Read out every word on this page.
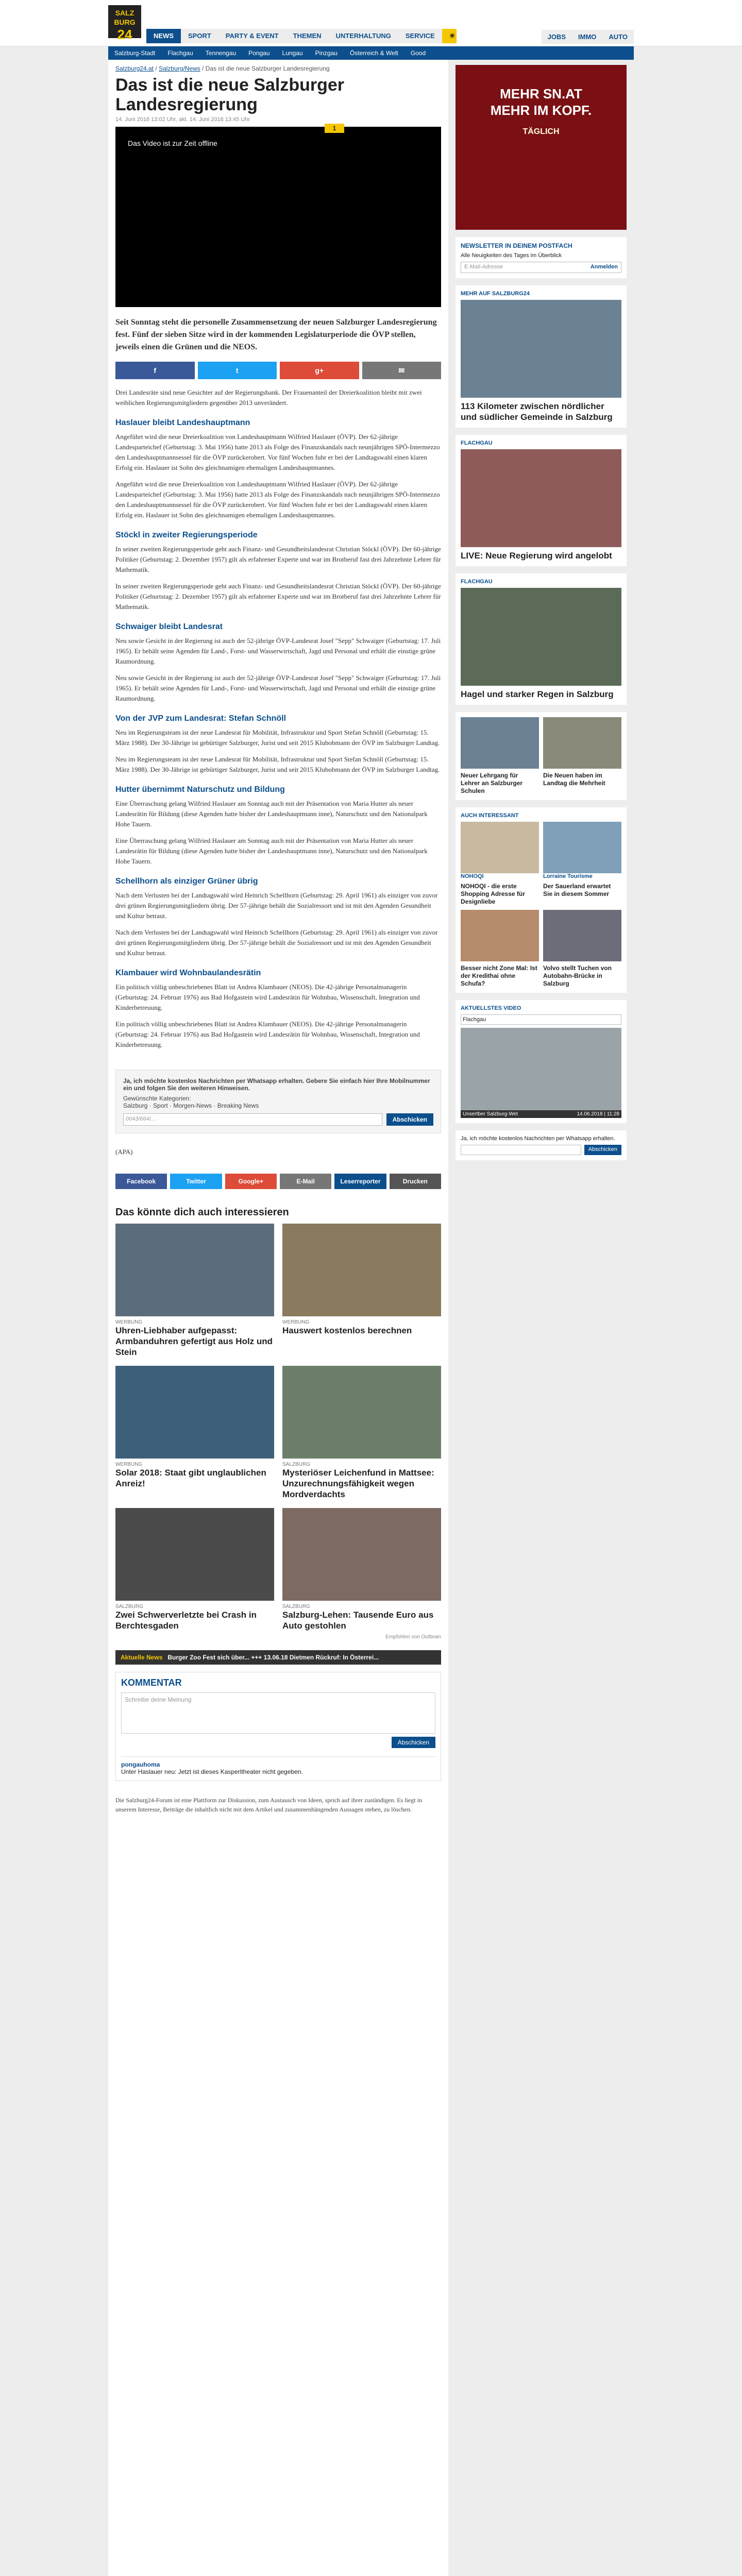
SALZ BURG
24	NEWS	SPORT	PARTY & EVENT	THEMEN	UNTERHALTUNG	SERVICE	☀	JOBS	IMMO	AUTO
Salzburg-Stadt	Flachgau	Tennengau	Pongau	Lungau	Pinzgau	Österreich & Welt	Good
Salzburg24.at / Salzburg/News / Das ist die neue Salzburger Landesregierung
Das ist die neue Salzburger Landesregierung
14. Juni 2018 13:02 Uhr, akt. 14. Juni 2018 13:45 Uhr
1
Das Video ist zur Zeit offline
Seit Sonntag steht die personelle Zusammensetzung der neuen Salzburger Landesregierung fest. Fünf der sieben Sitze wird in der kommenden Legislaturperiode die ÖVP stellen, jeweils einen die Grünen und die NEOS.
f	t	g+	✉

Drei Landesräte sind neue Gesichter auf der Regierungsbank. Der Frauenanteil der Dreierkoalition bleibt mit zwei weiblichen Regierungsmitgliedern gegenüber 2013 unverändert.

Haslauer bleibt Landeshauptmann

Angeführt wird die neue Dreierkoalition von Landeshauptmann Wilfried Haslauer (ÖVP). Der 62-jährige Landesparteichef (Geburtstag: 3. Mai 1956) hatte 2013 als Folge des Finanzskandals nach neunjährigen SPÖ-Intermezzo den Landeshauptmannsessel für die ÖVP zurückerobert. Vor fünf Wochen fuhr er bei der Landtagswahl einen klaren Erfolg ein. Haslauer ist Sohn des gleichnamigen ehemaligen Landeshauptmannes.

Angeführt wird die neue Dreierkoalition von Landeshauptmann Wilfried Haslauer (ÖVP). Der 62-jährige Landesparteichef (Geburtstag: 3. Mai 1956) hatte 2013 als Folge des Finanzskandals nach neunjährigen SPÖ-Intermezzo den Landeshauptmannsessel für die ÖVP zurückerobert. Vor fünf Wochen fuhr er bei der Landtagswahl einen klaren Erfolg ein. Haslauer ist Sohn des gleichnamigen ehemaligen Landeshauptmannes.

Stöckl in zweiter Regierungsperiode

In seiner zweiten Regierungsperiode geht auch Finanz- und Gesundheitslandesrat Christian Stöckl (ÖVP). Der 60-jährige Politiker (Geburtstag: 2. Dezember 1957) gilt als erfahrener Experte und war im Brotberuf fast drei Jahrzehnte Lehrer für Mathematik.

In seiner zweiten Regierungsperiode geht auch Finanz- und Gesundheitslandesrat Christian Stöckl (ÖVP). Der 60-jährige Politiker (Geburtstag: 2. Dezember 1957) gilt als erfahrener Experte und war im Brotberuf fast drei Jahrzehnte Lehrer für Mathematik.

Schwaiger bleibt Landesrat

Neu sowie Gesicht in der Regierung ist auch der 52-jährige ÖVP-Landesrat Josef "Sepp" Schwaiger (Geburtstag: 17. Juli 1965). Er behält seine Agenden für Land-, Forst- und Wasserwirtschaft, Jagd und Personal und erhält die einstige grüne Raumordnung.

Neu sowie Gesicht in der Regierung ist auch der 52-jährige ÖVP-Landesrat Josef "Sepp" Schwaiger (Geburtstag: 17. Juli 1965). Er behält seine Agenden für Land-, Forst- und Wasserwirtschaft, Jagd und Personal und erhält die einstige grüne Raumordnung.

Von der JVP zum Landesrat: Stefan Schnöll

Neu im Regierungsteam ist der neue Landesrat für Mobilität, Infrastruktur und Sport Stefan Schnöll (Geburtstag: 15. März 1988). Der 30-Jährige ist gebürtiger Salzburger, Jurist und seit 2015 Klubobmann der ÖVP im Salzburger Landtag.

Neu im Regierungsteam ist der neue Landesrat für Mobilität, Infrastruktur und Sport Stefan Schnöll (Geburtstag: 15. März 1988). Der 30-Jährige ist gebürtiger Salzburger, Jurist und seit 2015 Klubobmann der ÖVP im Salzburger Landtag.

Hutter übernimmt Naturschutz und Bildung

Eine Überraschung gelang Wilfried Haslauer am Sonntag auch mit der Präsentation von Maria Hutter als neuer Landesrätin für Bildung (diese Agenden hatte bisher der Landeshauptmann inne), Naturschutz und den Nationalpark Hohe Tauern.

Eine Überraschung gelang Wilfried Haslauer am Sonntag auch mit der Präsentation von Maria Hutter als neuer Landesrätin für Bildung (diese Agenden hatte bisher der Landeshauptmann inne), Naturschutz und den Nationalpark Hohe Tauern.

Schellhorn als einziger Grüner übrig

Nach dem Verlusten bei der Landtagswahl wird Heinrich Schellhorn (Geburtstag: 29. April 1961) als einziger von zuvor drei grünen Regierungsmitgliedern übrig. Der 57-jährige behält die Sozialressort und ist mit den Agenden Gesundheit und Kultur betraut.

Nach dem Verlusten bei der Landtagswahl wird Heinrich Schellhorn (Geburtstag: 29. April 1961) als einziger von zuvor drei grünen Regierungsmitgliedern übrig. Der 57-jährige behält die Sozialressort und ist mit den Agenden Gesundheit und Kultur betraut.

Klambauer wird Wohnbaulandesrätin

Ein politisch völlig unbeschriebenes Blatt ist Andrea Klambauer (NEOS). Die 42-jährige Personalmanagerin (Geburtstag: 24. Februar 1976) aus Bad Hofgastein wird Landesrätin für Wohnbau, Wissenschaft, Integration und Kinderbetreuung.

Ein politisch völlig unbeschriebenes Blatt ist Andrea Klambauer (NEOS). Die 42-jährige Personalmanagerin (Geburtstag: 24. Februar 1976) aus Bad Hofgastein wird Landesrätin für Wohnbau, Wissenschaft, Integration und Kinderbetreuung.

Ja, ich möchte kostenlos Nachrichten per Whatsapp erhalten. Gebere Sie einfach hier Ihre Mobilnummer ein und folgen Sie den weiteren Hinweisen.
Gewünschte Kategorien:
Salzburg · Sport · Morgen-News · Breaking News
0043/664/...	Abschicken

(APA)

Facebook	Twitter	Google+	E-Mail	Leserreporter	Drucken
Das könnte dich auch interessieren
WERBUNG
Uhren-Liebhaber aufgepasst: Armbanduhren gefertigt aus Holz und Stein
WERBUNG
Hauswert kostenlos berechnen
WERBUNG
Solar 2018: Staat gibt unglaublichen Anreiz!
SALZBURG
Mysteriöser Leichenfund in Mattsee: Unzurechnungsfähigkeit wegen Mordverdachts
SALZBURG
Zwei Schwerverletzte bei Crash in Berchtesgaden
SALZBURG
Salzburg-Lehen: Tausende Euro aus Auto gestohlen
Empfohlen von Outbrain
Aktuelle News Burger Zoo Fest sich über... +++ 13.06.18 Dietmen Rückruf: In Österrei...
KOMMENTAR
Schreibe deine Meinung
Abschicken
pongauhoma
Unter Haslauer neu: Jetzt ist dieses Kasperltheater nicht gegeben.
Die Salzburg24-Forum ist eine Plattform zur Diskussion, zum Austausch von Ideen, sprich auf ihrer zuständigen. Es liegt in unserem Interesse, Beiträge die inhaltlich nicht mit dem Artikel und zusammenhängenden Aussagen stehen, zu löschen.
MEHR SN.AT
MEHR IM KOPF.
TÄGLICH
NEWSLETTER IN DEINEM POSTFACH
Alle Neuigkeiten des Tages im Überblick
E-Mail-Adresse	Anmelden
MEHR AUF SALZBURG24
113 Kilometer zwischen nördlicher und südlicher Gemeinde in Salzburg
FLACHGAU
LIVE: Neue Regierung wird angelobt
FLACHGAU
Hagel und starker Regen in Salzburg
Neuer Lehrgang für Lehrer an Salzburger Schulen
Die Neuen haben im Landtag die Mehrheit
AUCH INTERESSANT
NOHOQI
NOHOQI - die erste Shopping Adresse für Designliebe
Lorraine Tourisme
Der Sauerland erwartet Sie in diesem Sommer
Besser nicht Zone Mal: Ist der Kredithai ohne Schufa?
Volvo stellt Tuchen von Autobahn-Brücke in Salzburg
AKTUELLSTES VIDEO
Flachgau
Unsertber Salzburg-Wet	14.06.2018 | 11:28
Ja, ich möchte kostenlos Nachrichten per Whatsapp erhalten.
Abschicken
